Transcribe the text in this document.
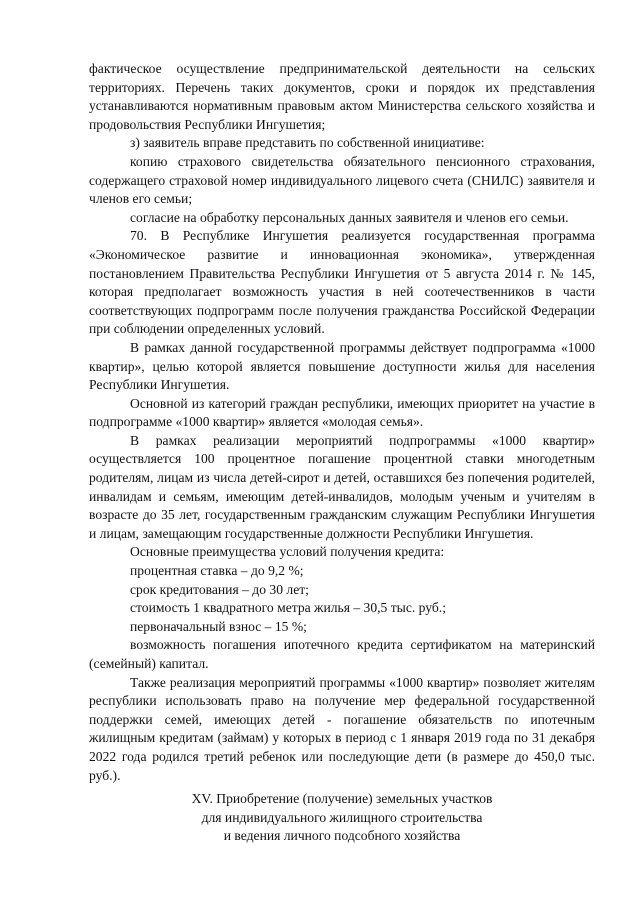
фактическое осуществление предпринимательской деятельности на сельских территориях. Перечень таких документов, сроки и порядок их представления устанавливаются нормативным правовым актом Министерства сельского хозяйства и продовольствия Республики Ингушетия;

з) заявитель вправе представить по собственной инициативе:

копию страхового свидетельства обязательного пенсионного страхования, содержащего страховой номер индивидуального лицевого счета (СНИЛС) заявителя и членов его семьи;

согласие на обработку персональных данных заявителя и членов его семьи.

70. В Республике Ингушетия реализуется государственная программа «Экономическое развитие и инновационная экономика», утвержденная постановлением Правительства Республики Ингушетия от 5 августа 2014 г. № 145, которая предполагает возможность участия в ней соотечественников в части соответствующих подпрограмм после получения гражданства Российской Федерации при соблюдении определенных условий.

В рамках данной государственной программы действует подпрограмма «1000 квартир», целью которой является повышение доступности жилья для населения Республики Ингушетия.

Основной из категорий граждан республики, имеющих приоритет на участие в подпрограмме «1000 квартир» является «молодая семья».

В рамках реализации мероприятий подпрограммы «1000 квартир» осуществляется 100 процентное погашение процентной ставки многодетным родителям, лицам из числа детей-сирот и детей, оставшихся без попечения родителей, инвалидам и семьям, имеющим детей-инвалидов, молодым ученым и учителям в возрасте до 35 лет, государственным гражданским служащим Республики Ингушетия и лицам, замещающим государственные должности Республики Ингушетия.

Основные преимущества условий получения кредита:

процентная ставка – до 9,2 %;

срок кредитования – до 30 лет;

стоимость 1 квадратного метра жилья – 30,5 тыс. руб.;

первоначальный взнос – 15 %;

возможность погашения ипотечного кредита сертификатом на материнский (семейный) капитал.

Также реализация мероприятий программы «1000 квартир» позволяет жителям республики использовать право на получение мер федеральной государственной поддержки семей, имеющих детей - погашение обязательств по ипотечным жилищным кредитам (займам) у которых в период с 1 января 2019 года по 31 декабря 2022 года родился третий ребенок или последующие дети (в размере до 450,0 тыс. руб.).

XV. Приобретение (получение) земельных участков
для индивидуального жилищного строительства
и ведения личного подсобного хозяйства
